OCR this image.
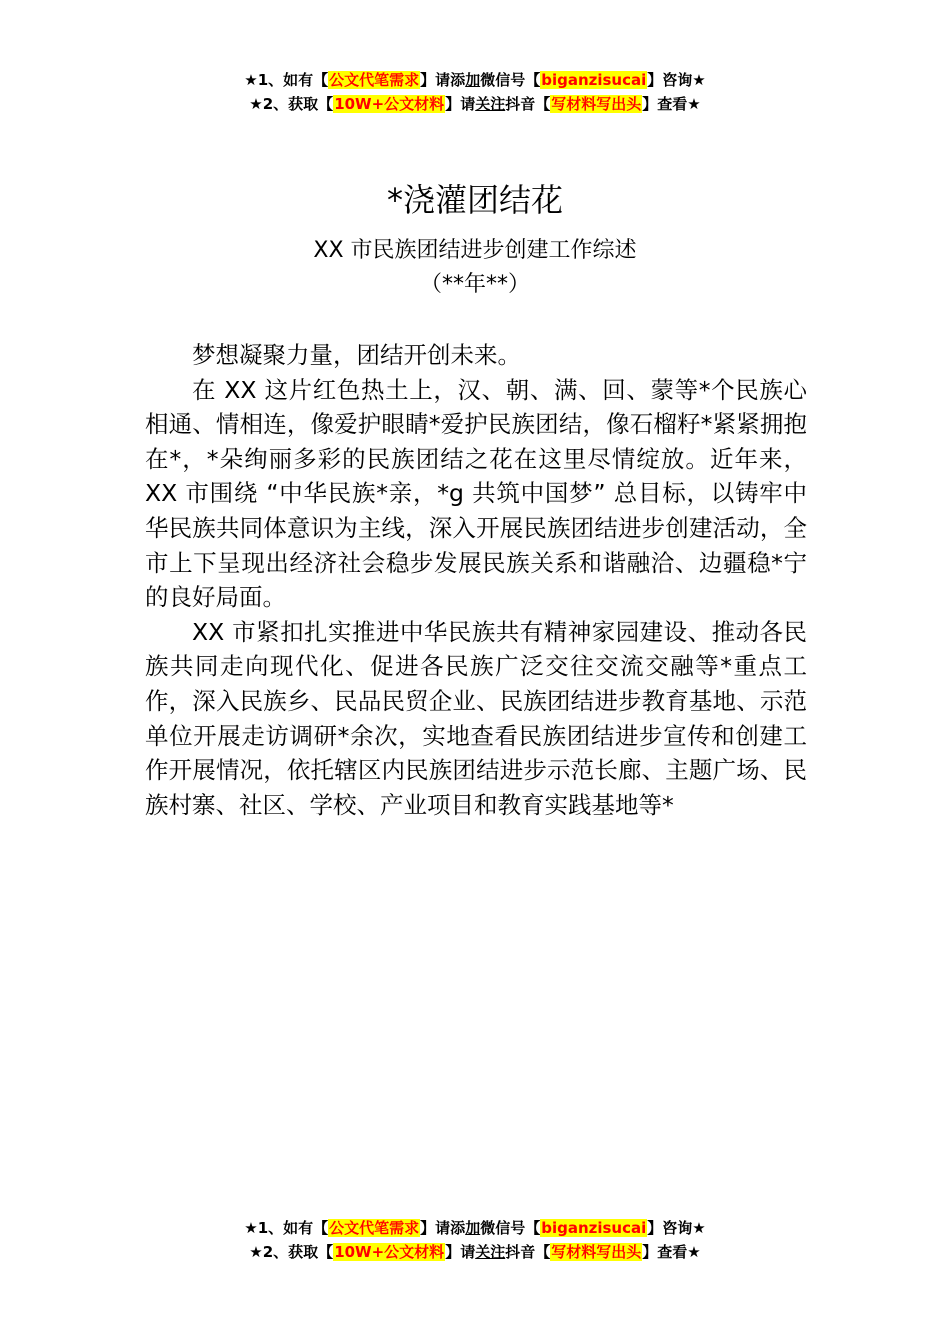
★1、如有【公文代笔需求】请添加微信号【biganzisucai】咨询★
★2、获取【10W+公文材料】请关注抖音【写材料写出头】查看★
*浇灌团结花
XX 市民族团结进步创建工作综述
（**年**）

梦想凝聚力量，团结开创未来。

在 XX 这片红色热土上，汉、朝、满、回、蒙等*个民族心相通、情相连，像爱护眼睛*爱护民族团结，像石榴籽*紧紧拥抱在*，*朵绚丽多彩的民族团结之花在这里尽情绽放。近年来，XX 市围绕 “中华民族*亲，*g 共筑中国梦” 总目标，以铸牢中华民族共同体意识为主线，深入开展民族团结进步创建活动，全市上下呈现出经济社会稳步发展民族关系和谐融洽、边疆稳*宁的良好局面。

XX 市紧扣扎实推进中华民族共有精神家园建设、推动各民族共同走向现代化、促进各民族广泛交往交流交融等*重点工作，深入民族乡、民品民贸企业、民族团结进步教育基地、示范单位开展走访调研*余次，实地查看民族团结进步宣传和创建工作开展情况，依托辖区内民族团结进步示范长廊、主题广场、民族村寨、社区、学校、产业项目和教育实践基地等*

★1、如有【公文代笔需求】请添加微信号【biganzisucai】咨询★
★2、获取【10W+公文材料】请关注抖音【写材料写出头】查看★
